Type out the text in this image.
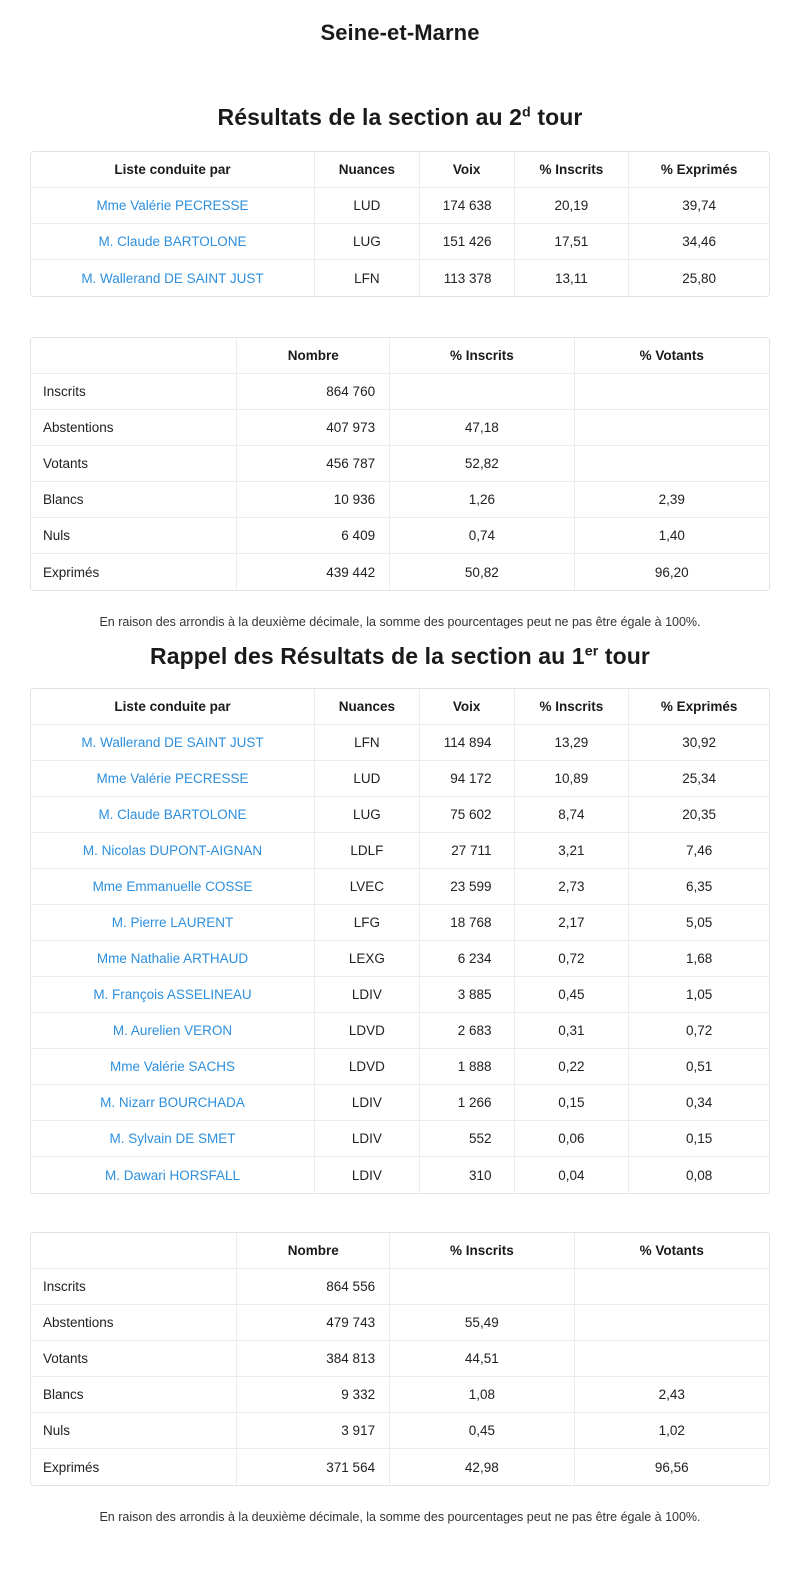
Seine-et-Marne
Résultats de la section au 2$^d$ tour
Liste conduite par	Nuances	Voix	% Inscrits	% Exprimés
Mme Valérie PECRESSE	LUD	174 638	20,19	39,74
M. Claude BARTOLONE	LUG	151 426	17,51	34,46
M. Wallerand DE SAINT JUST	LFN	113 378	13,11	25,80
	Nombre	% Inscrits	% Votants
Inscrits	864 760		
Abstentions	407 973	47,18	
Votants	456 787	52,82	
Blancs	10 936	1,26	2,39
Nuls	6 409	0,74	1,40
Exprimés	439 442	50,82	96,20

En raison des arrondis à la deuxième décimale, la somme des pourcentages peut ne pas être égale à 100%.

Rappel des Résultats de la section au 1er tour
Liste conduite par	Nuances	Voix	% Inscrits	% Exprimés
M. Wallerand DE SAINT JUST	LFN	114 894	13,29	30,92
Mme Valérie PECRESSE	LUD	94 172	10,89	25,34
M. Claude BARTOLONE	LUG	75 602	8,74	20,35
M. Nicolas DUPONT-AIGNAN	LDLF	27 711	3,21	7,46
Mme Emmanuelle COSSE	LVEC	23 599	2,73	6,35
M. Pierre LAURENT	LFG	18 768	2,17	5,05
Mme Nathalie ARTHAUD	LEXG	6 234	0,72	1,68
M. François ASSELINEAU	LDIV	3 885	0,45	1,05
M. Aurelien VERON	LDVD	2 683	0,31	0,72
Mme Valérie SACHS	LDVD	1 888	0,22	0,51
M. Nizarr BOURCHADA	LDIV	1 266	0,15	0,34
M. Sylvain DE SMET	LDIV	552	0,06	0,15
M. Dawari HORSFALL	LDIV	310	0,04	0,08
	Nombre	% Inscrits	% Votants
Inscrits	864 556		
Abstentions	479 743	55,49	
Votants	384 813	44,51	
Blancs	9 332	1,08	2,43
Nuls	3 917	0,45	1,02
Exprimés	371 564	42,98	96,56

En raison des arrondis à la deuxième décimale, la somme des pourcentages peut ne pas être égale à 100%.
